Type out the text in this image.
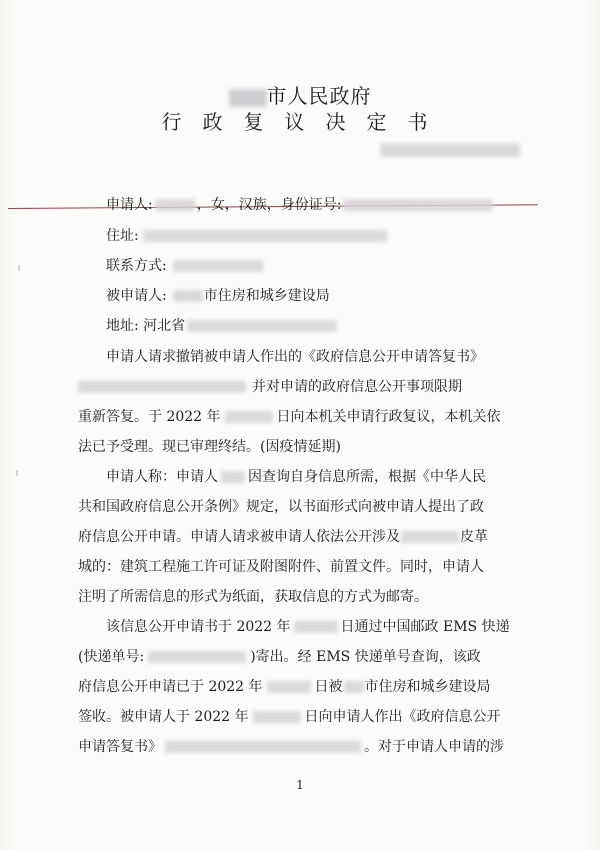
市人民政府
行政复议决定书
申请人:	，女，汉族，身份证号:
住址:
联系方式:
被申请人:	市住房和城乡建设局
地址: 河北省
申请人请求撤销被申请人作出的《政府信息公开申请答复书》
并对申请的政府信息公开事项限期
重新答复。于 2022 年	日向本机关申请行政复议，本机关依
法已予受理。现已审理终结。(因疫情延期)
申请人称：申请人 因查询自身信息所需，根据《中华人民
共和国政府信息公开条例》规定，以书面形式向被申请人提出了政
府信息公开申请。申请人请求被申请人依法公开涉及	皮革
城的：建筑工程施工许可证及附图附件、前置文件。同时，申请人
注明了所需信息的形式为纸面，获取信息的方式为邮寄。
该信息公开申请书于 2022 年	日通过中国邮政 EMS 快递
(快递单号:	)寄出。经 EMS 快递单号查询，该政
府信息公开申请已于 2022 年	日被 市住房和城乡建设局
签收。被申请人于 2022 年	日向申请人作出《政府信息公开
申请答复书》	。对于申请人申请的涉
1
